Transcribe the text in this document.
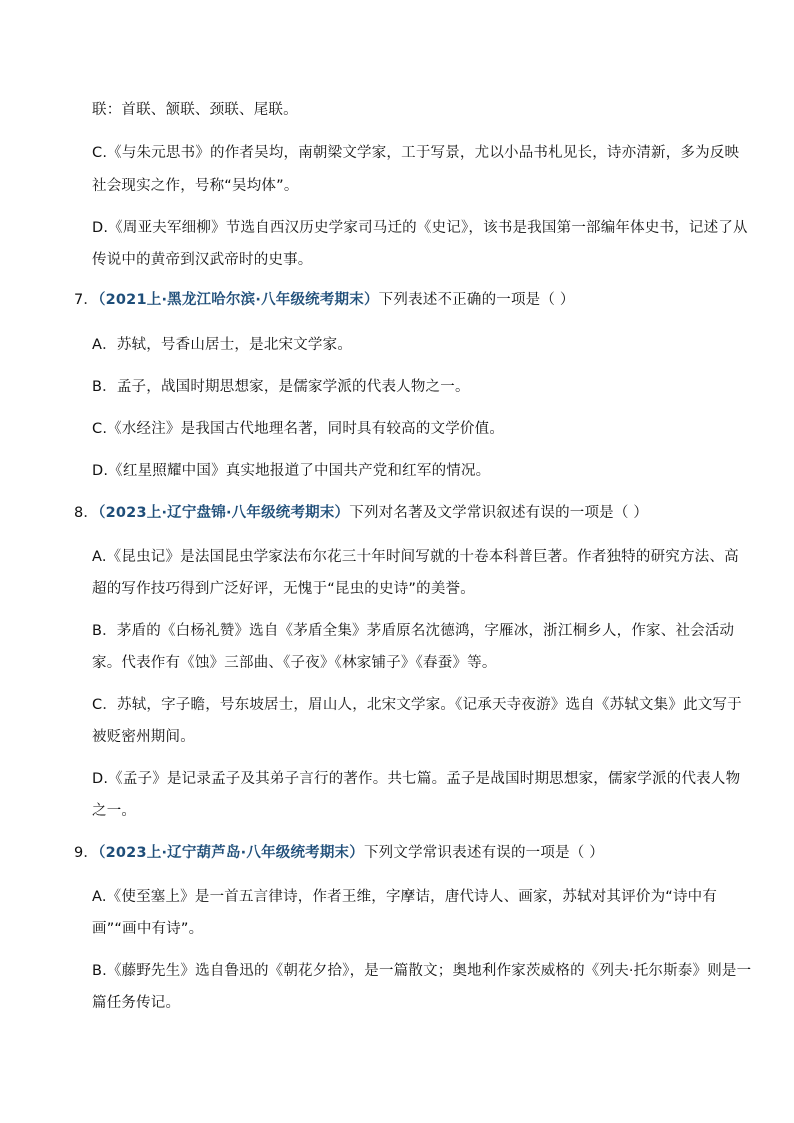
联：首联、颔联、颈联、尾联。
C.《与朱元思书》的作者吴均，南朝梁文学家，工于写景，尤以小品书札见长，诗亦清新，多为反映
社会现实之作，号称“吴均体”。
D.《周亚夫军细柳》节选自西汉历史学家司马迁的《史记》，该书是我国第一部编年体史书，记述了从
传说中的黄帝到汉武帝时的史事。
7．（2021上·黑龙江哈尔滨·八年级统考期末）下列表述不正确的一项是（ ）
A．苏轼，号香山居士，是北宋文学家。
B．孟子，战国时期思想家，是儒家学派的代表人物之一。
C.《水经注》是我国古代地理名著，同时具有较高的文学价值。
D.《红星照耀中国》真实地报道了中国共产党和红军的情况。
8．（2023上·辽宁盘锦·八年级统考期末）下列对名著及文学常识叙述有误的一项是（ ）
A.《昆虫记》是法国昆虫学家法布尔花三十年时间写就的十卷本科普巨著。作者独特的研究方法、高
超的写作技巧得到广泛好评，无愧于“昆虫的史诗”的美誉。
B．茅盾的《白杨礼赞》选自《茅盾全集》茅盾原名沈德鸿，字雁冰，浙江桐乡人，作家、社会活动
家。代表作有《蚀》三部曲、《子夜》《林家铺子》《春蚕》等。
C．苏轼，字子瞻，号东坡居士，眉山人，北宋文学家。《记承天寺夜游》选自《苏轼文集》此文写于
被贬密州期间。
D.《孟子》是记录孟子及其弟子言行的著作。共七篇。孟子是战国时期思想家，儒家学派的代表人物
之一。
9．（2023上·辽宁葫芦岛·八年级统考期末）下列文学常识表述有误的一项是（ ）
A.《使至塞上》是一首五言律诗，作者王维，字摩诘，唐代诗人、画家，苏轼对其评价为“诗中有
画”“画中有诗”。
B.《藤野先生》选自鲁迅的《朝花夕拾》，是一篇散文；奥地利作家茨威格的《列夫·托尔斯泰》则是一
篇任务传记。
